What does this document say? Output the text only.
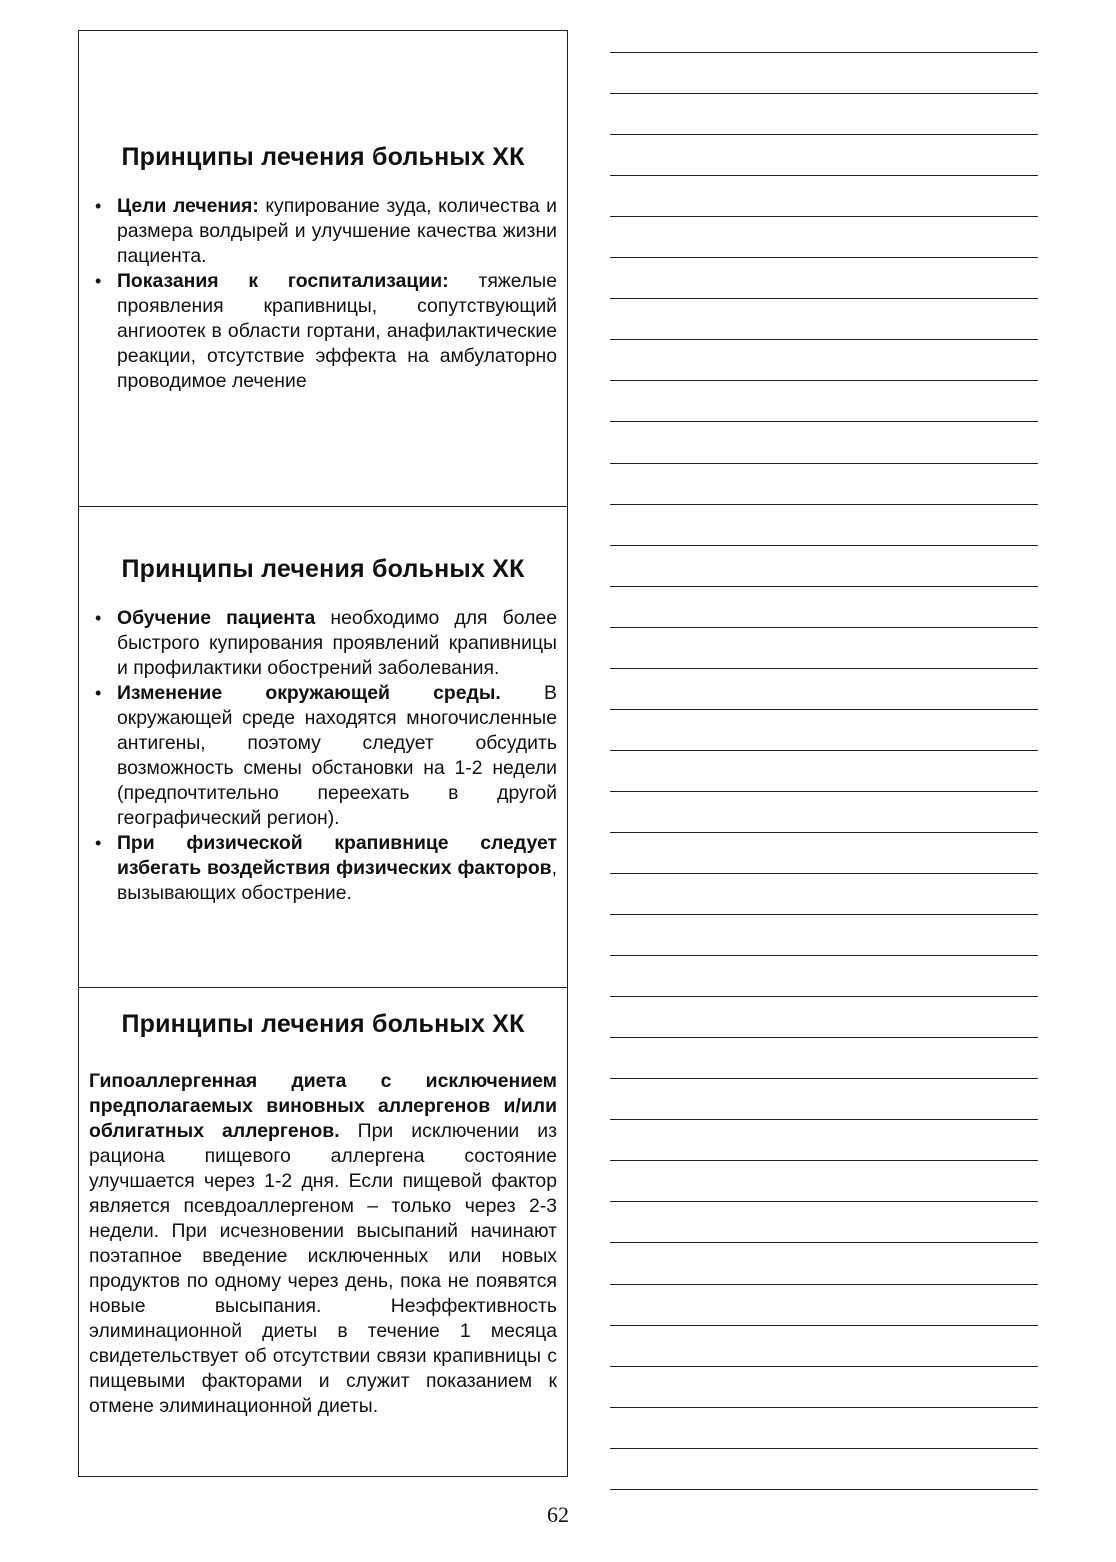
Принципы лечения больных ХК
• Цели лечения: купирование зуда, количества и размера волдырей и улучшение качества жизни пациента.
• Показания к госпитализации: тяжелые проявления крапивницы, сопутствующий ангиоотек в области гортани, анафилактические реакции, отсутствие эффекта на амбулаторно проводимое лечение
Принципы лечения больных ХК
• Обучение пациента необходимо для более быстрого купирования проявлений крапивницы и профилактики обострений заболевания.
• Изменение окружающей среды. В окружающей среде находятся многочисленные антигены, поэтому следует обсудить возможность смены обстановки на 1-2 недели (предпочтительно переехать в другой географический регион).
• При физической крапивнице следует избегать воздействия физических факторов, вызывающих обострение.
Принципы лечения больных ХК
Гипоаллергенная диета с исключением предполагаемых виновных аллергенов и/или облигатных аллергенов. При исключении из рациона пищевого аллергена состояние улучшается через 1-2 дня. Если пищевой фактор является псевдоаллергеном – только через 2-3 недели. При исчезновении высыпаний начинают поэтапное введение исключенных или новых продуктов по одному через день, пока не появятся новые высыпания. Неэффективность элиминационной диеты в течение 1 месяца свидетельствует об отсутствии связи крапивницы с пищевыми факторами и служит показанием к отмене элиминационной диеты.
62
